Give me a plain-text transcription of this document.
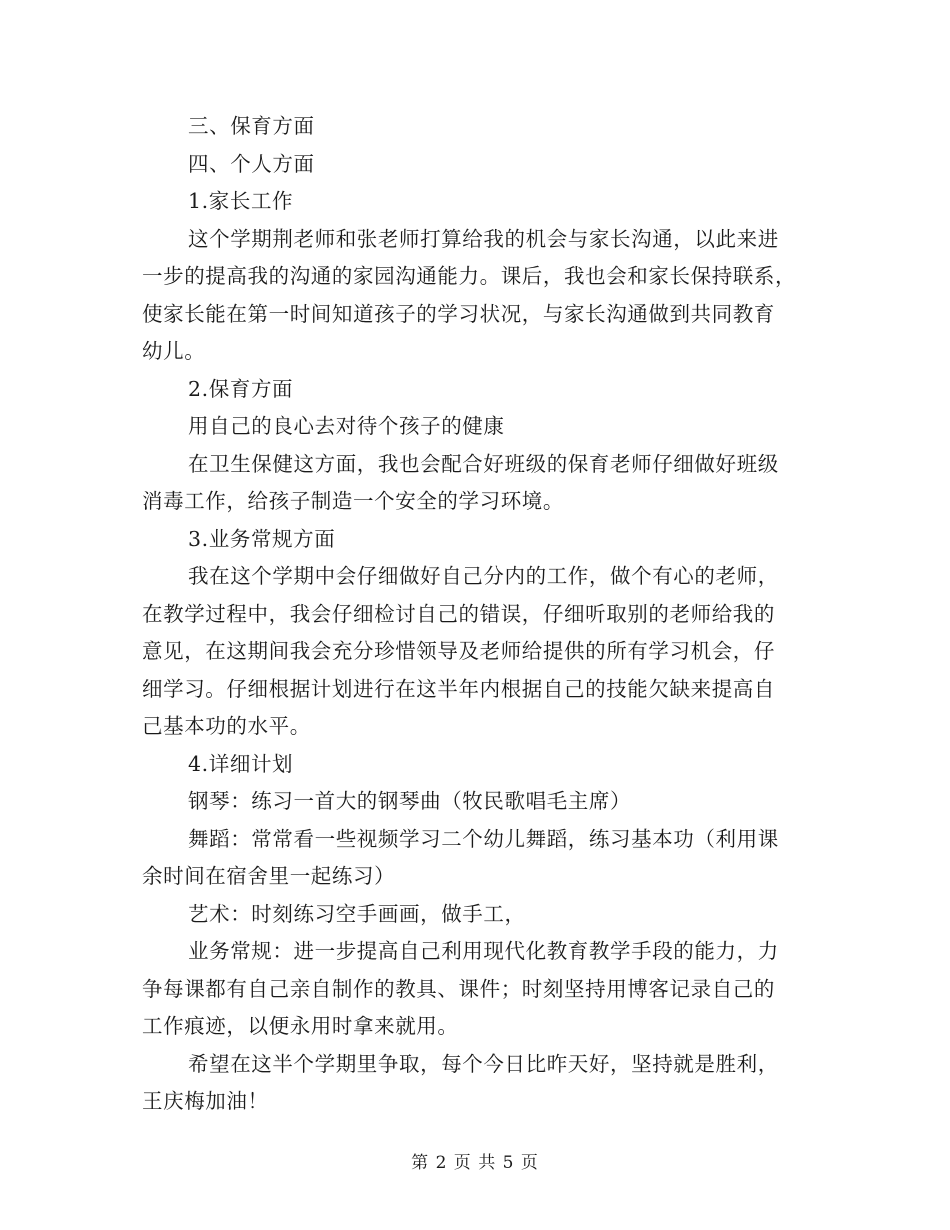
三、保育方面

四、个人方面

1.家长工作

这个学期荆老师和张老师打算给我的机会与家长沟通，以此来进

一步的提高我的沟通的家园沟通能力。课后，我也会和家长保持联系，

使家长能在第一时间知道孩子的学习状况，与家长沟通做到共同教育

幼儿。

2.保育方面

用自己的良心去对待个孩子的健康

在卫生保健这方面，我也会配合好班级的保育老师仔细做好班级

消毒工作，给孩子制造一个安全的学习环境。

3.业务常规方面

我在这个学期中会仔细做好自己分内的工作，做个有心的老师，

在教学过程中，我会仔细检讨自己的错误，仔细听取别的老师给我的

意见，在这期间我会充分珍惜领导及老师给提供的所有学习机会，仔

细学习。仔细根据计划进行在这半年内根据自己的技能欠缺来提高自

己基本功的水平。

4.详细计划

钢琴：练习一首大的钢琴曲（牧民歌唱毛主席）

舞蹈：常常看一些视频学习二个幼儿舞蹈，练习基本功（利用课

余时间在宿舍里一起练习）

艺术：时刻练习空手画画，做手工，

业务常规：进一步提高自己利用现代化教育教学手段的能力，力

争每课都有自己亲自制作的教具、课件；时刻坚持用博客记录自己的

工作痕迹，以便永用时拿来就用。

希望在这半个学期里争取，每个今日比昨天好，坚持就是胜利，

王庆梅加油！

第 2 页 共 5 页
